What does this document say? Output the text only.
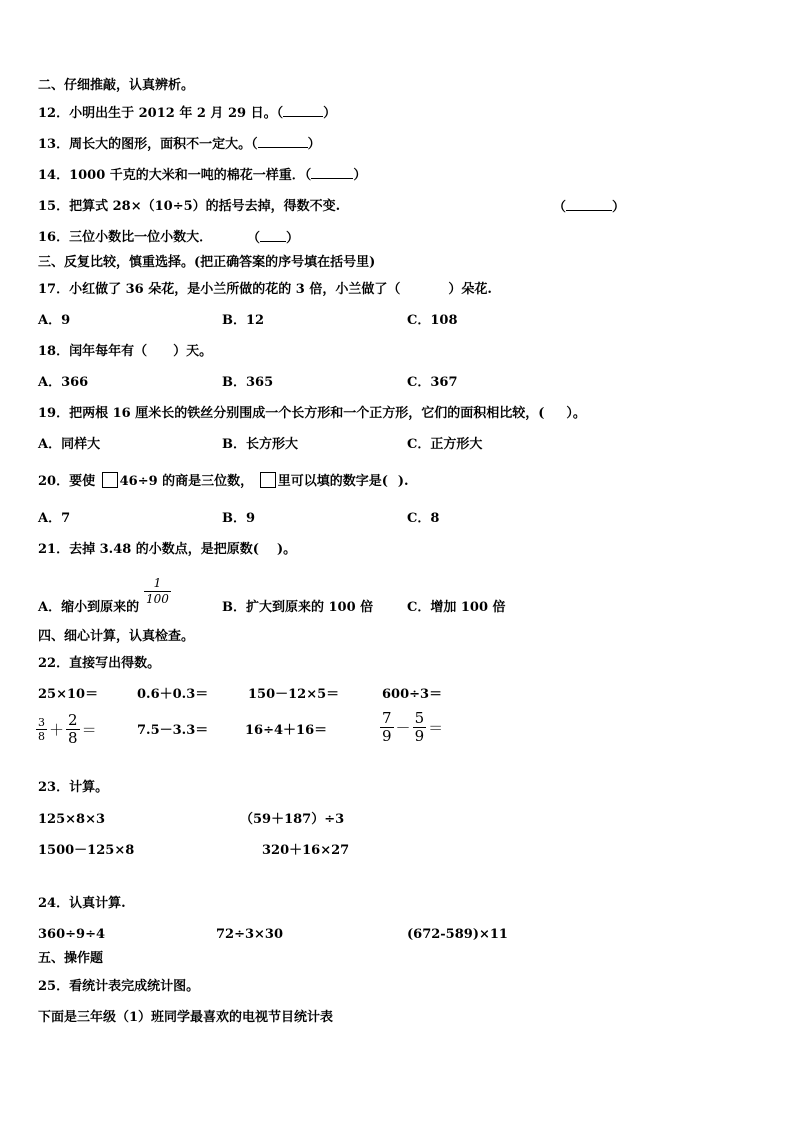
二、仔细推敲，认真辨析。
12．小明出生于 2012 年 2 月 29 日。（	）
13．周长大的图形，面积不一定大。（	）
14．1000 千克的大米和一吨的棉花一样重．（	）
15．把算式 28×（10÷5）的括号去掉，得数不变.	（	）
16．三位小数比一位小数大．	（ ）
三、反复比较，慎重选择。(把正确答案的序号填在括号里)
17．小红做了 36 朵花，是小兰所做的花的 3 倍，小兰做了（	）朵花.
A．9	B．12	C．108
18．闰年每年有（ ）天。
A．366	B．365	C．367
19．把两根 16 厘米长的铁丝分别围成一个长方形和一个正方形，它们的面积相比较，( ）。
A．同样大	B．长方形大	C．正方形大
20．要使 46÷9 的商是三位数， 里可以填的数字是( ).
A．7	B．9	C．8
21．去掉 3.48 的小数点，是把原数( )。
A．缩小到原来的
$\frac{1}{100}$
B．扩大到原来的 100 倍	C．增加 100 倍
四、细心计算，认真检查。
22．直接写出得数。
25×10＝	0.6＋0.3＝	150－12×5＝	600÷3＝
$\frac{3}{8} + \frac{2}{8}$ ＝	7.5－3.3＝	16÷4＋16＝	$\frac{7}{9} - \frac{5}{9}$ ＝
23．计算。
125×8×3	（59＋187）÷3
1500－125×8	320＋16×27
24．认真计算.
360÷9÷4	72÷3×30	(672-589)×11
五、操作题
25．看统计表完成统计图。
下面是三年级（1）班同学最喜欢的电视节目统计表
